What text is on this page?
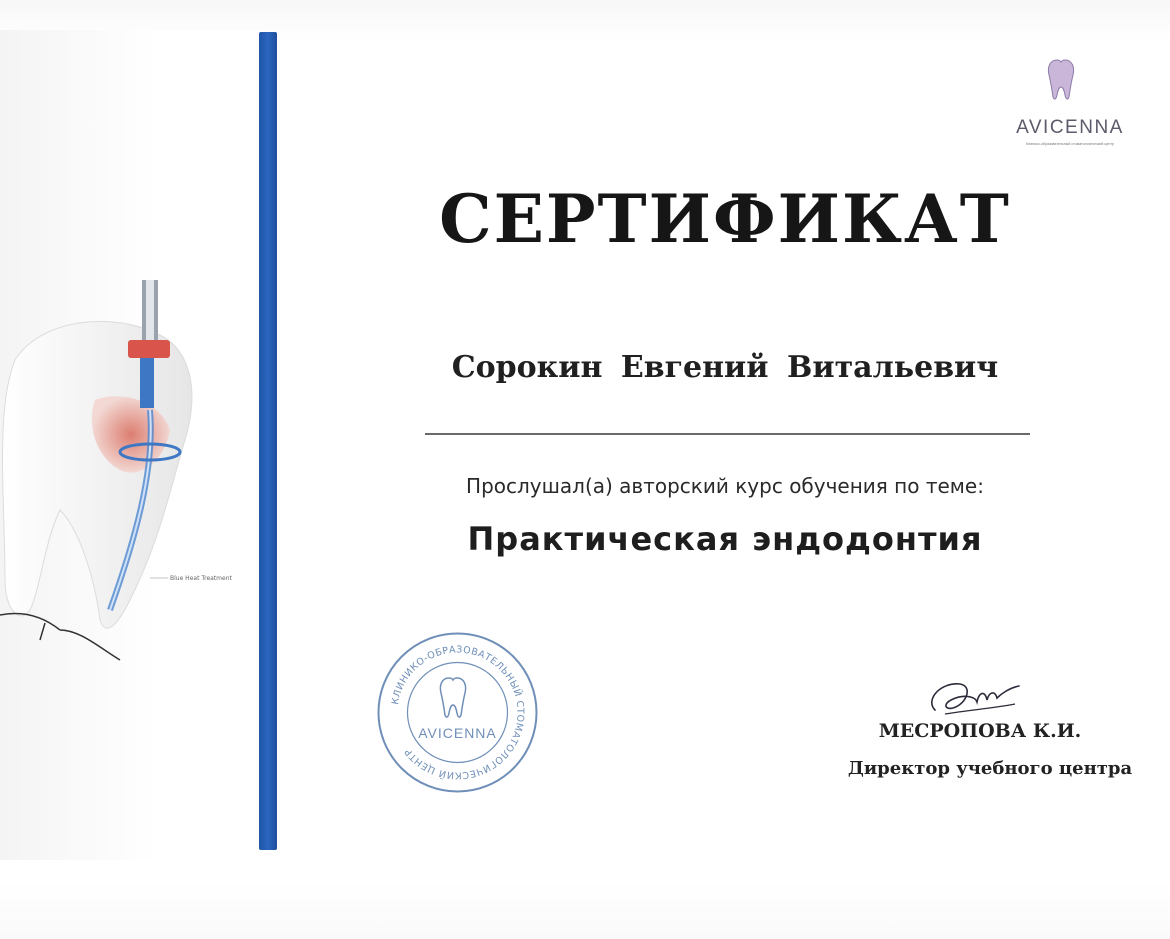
Blue Heat Treatment
AVICENNA
Клинико-образовательный стоматологический центр
СЕРТИФИКАТ
Сорокин Евгений Витальевич
Прослушал(а) авторский курс обучения по теме:
Практическая эндодонтия
КЛИНИКО-ОБРАЗОВАТЕЛЬНЫЙ СТОМАТОЛОГИЧЕСКИЙ ЦЕНТР
AVICENNA	МЕСРОПОВА К.И.
Директор учебного центра
